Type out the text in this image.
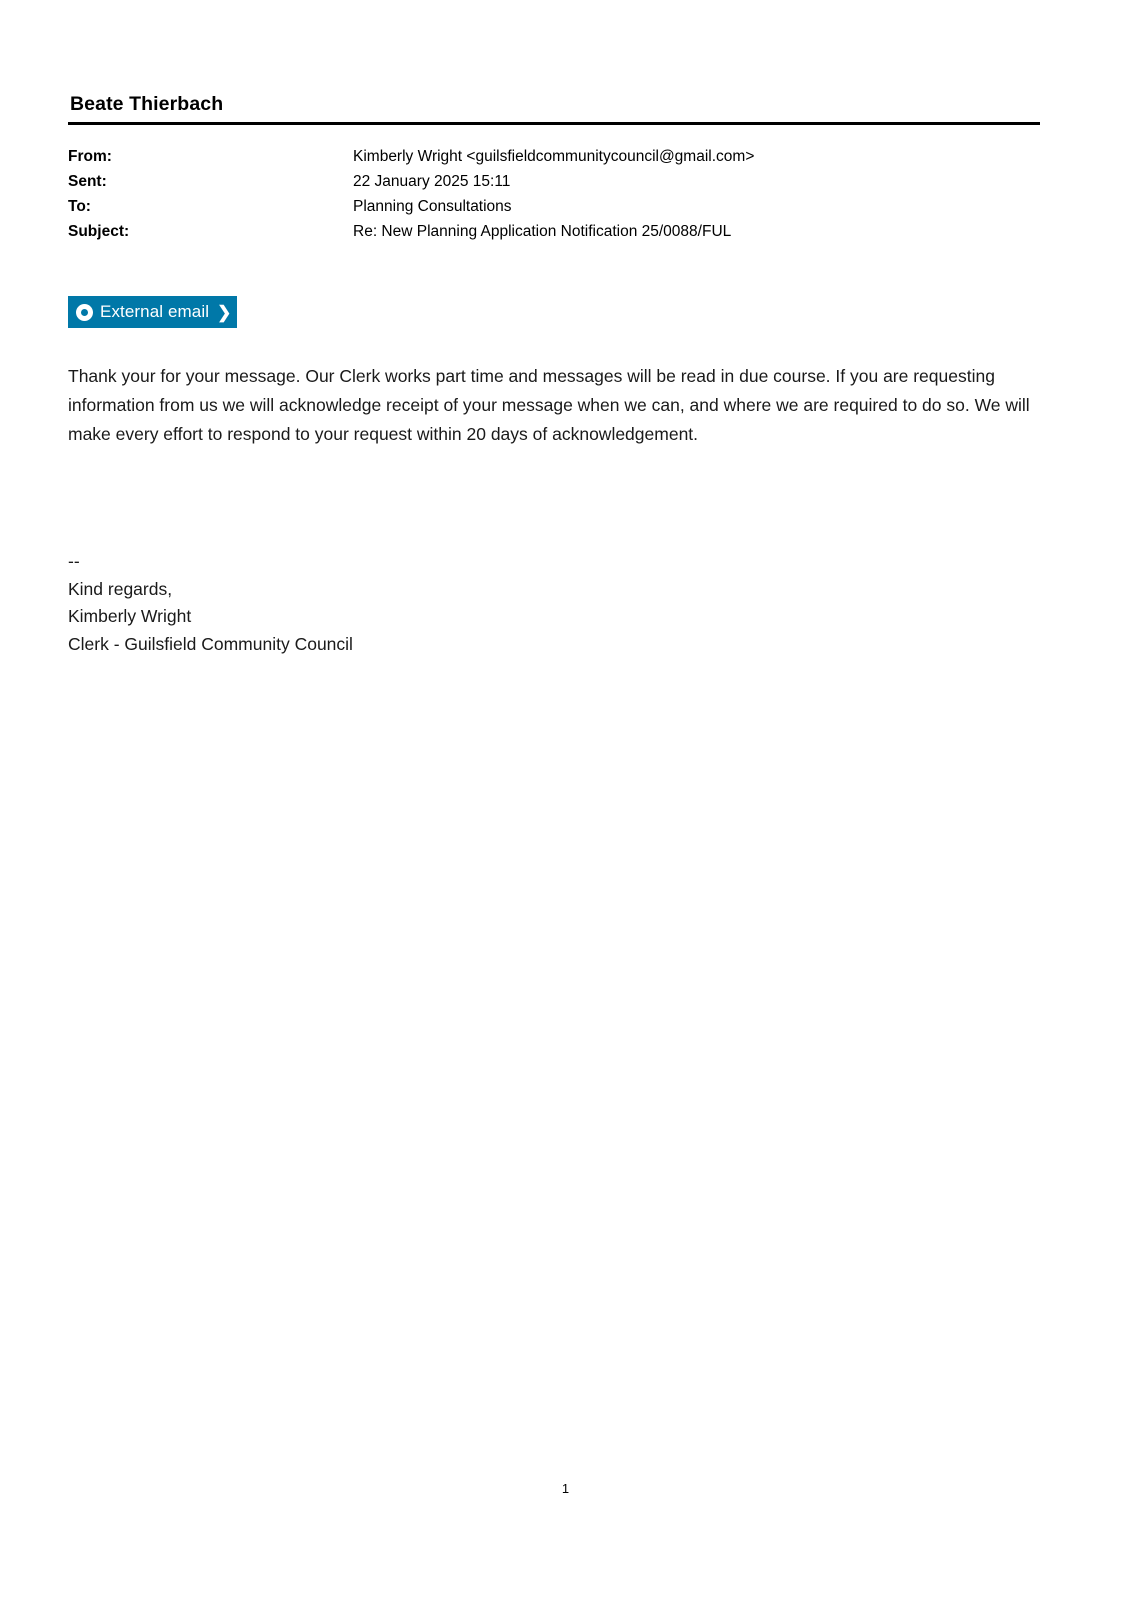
Beate Thierbach
From:	Kimberly Wright <guilsfieldcommunitycouncil@gmail.com>
Sent:	22 January 2025 15:11
To:	Planning Consultations
Subject:	Re: New Planning Application Notification 25/0088/FUL
External email ❯
Thank your for your message. Our Clerk works part time and messages will be read in due course. If you are requesting information from us we will acknowledge receipt of your message when we can, and where we are required to do so. We will make every effort to respond to your request within 20 days of acknowledgement.
--
Kind regards,
Kimberly Wright
Clerk - Guilsfield Community Council
1
